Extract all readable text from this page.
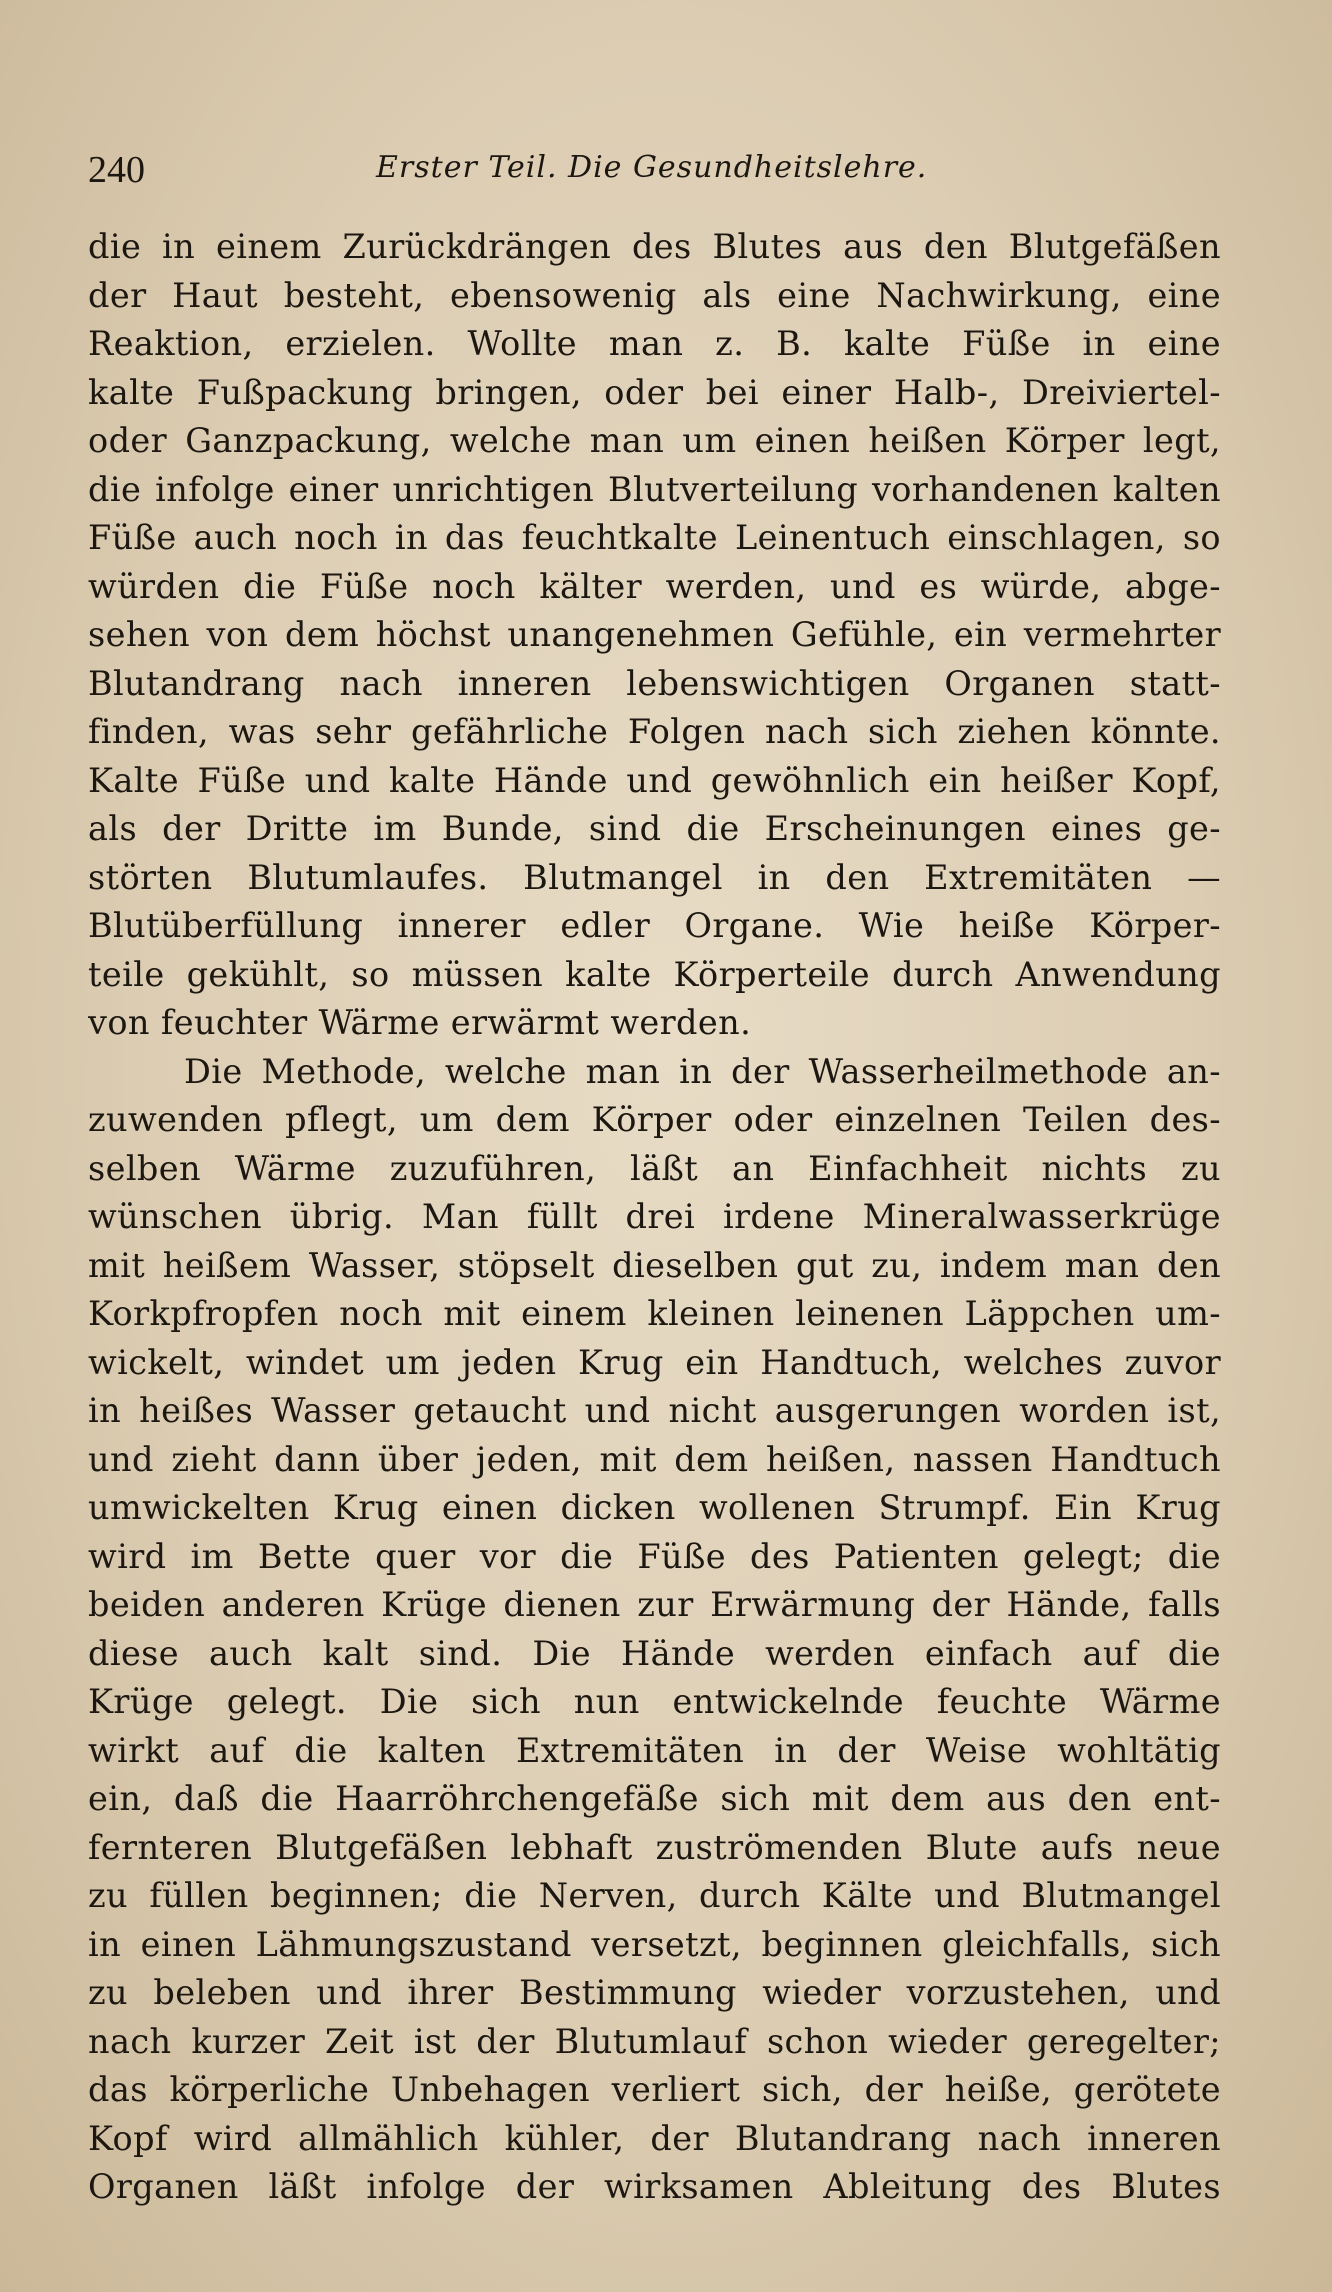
240	Erster Teil. Die Gesundheitslehre.
die in einem Zurückdrängen des Blutes aus den Blutgefäßen
der Haut besteht, ebensowenig als eine Nachwirkung, eine
Reaktion, erzielen. Wollte man z. B. kalte Füße in eine
kalte Fußpackung bringen, oder bei einer Halb-, Dreiviertel-
oder Ganzpackung, welche man um einen heißen Körper legt,
die infolge einer unrichtigen Blutverteilung vorhandenen kalten
Füße auch noch in das feuchtkalte Leinentuch einschlagen, so
würden die Füße noch kälter werden, und es würde, abge-
sehen von dem höchst unangenehmen Gefühle, ein vermehrter
Blutandrang nach inneren lebenswichtigen Organen statt-
finden, was sehr gefährliche Folgen nach sich ziehen könnte.
Kalte Füße und kalte Hände und gewöhnlich ein heißer Kopf,
als der Dritte im Bunde, sind die Erscheinungen eines ge-
störten Blutumlaufes. Blutmangel in den Extremitäten —
Blutüberfüllung innerer edler Organe. Wie heiße Körper-
teile gekühlt, so müssen kalte Körperteile durch Anwendung
von feuchter Wärme erwärmt werden.
Die Methode, welche man in der Wasserheilmethode an-
zuwenden pflegt, um dem Körper oder einzelnen Teilen des-
selben Wärme zuzuführen, läßt an Einfachheit nichts zu
wünschen übrig. Man füllt drei irdene Mineralwasserkrüge
mit heißem Wasser, stöpselt dieselben gut zu, indem man den
Korkpfropfen noch mit einem kleinen leinenen Läppchen um-
wickelt, windet um jeden Krug ein Handtuch, welches zuvor
in heißes Wasser getaucht und nicht ausgerungen worden ist,
und zieht dann über jeden, mit dem heißen, nassen Handtuch
umwickelten Krug einen dicken wollenen Strumpf. Ein Krug
wird im Bette quer vor die Füße des Patienten gelegt; die
beiden anderen Krüge dienen zur Erwärmung der Hände, falls
diese auch kalt sind. Die Hände werden einfach auf die
Krüge gelegt. Die sich nun entwickelnde feuchte Wärme
wirkt auf die kalten Extremitäten in der Weise wohltätig
ein, daß die Haarröhrchengefäße sich mit dem aus den ent-
fernteren Blutgefäßen lebhaft zuströmenden Blute aufs neue
zu füllen beginnen; die Nerven, durch Kälte und Blutmangel
in einen Lähmungszustand versetzt, beginnen gleichfalls, sich
zu beleben und ihrer Bestimmung wieder vorzustehen, und
nach kurzer Zeit ist der Blutumlauf schon wieder geregelter;
das körperliche Unbehagen verliert sich, der heiße, gerötete
Kopf wird allmählich kühler, der Blutandrang nach inneren
Organen läßt infolge der wirksamen Ableitung des Blutes
